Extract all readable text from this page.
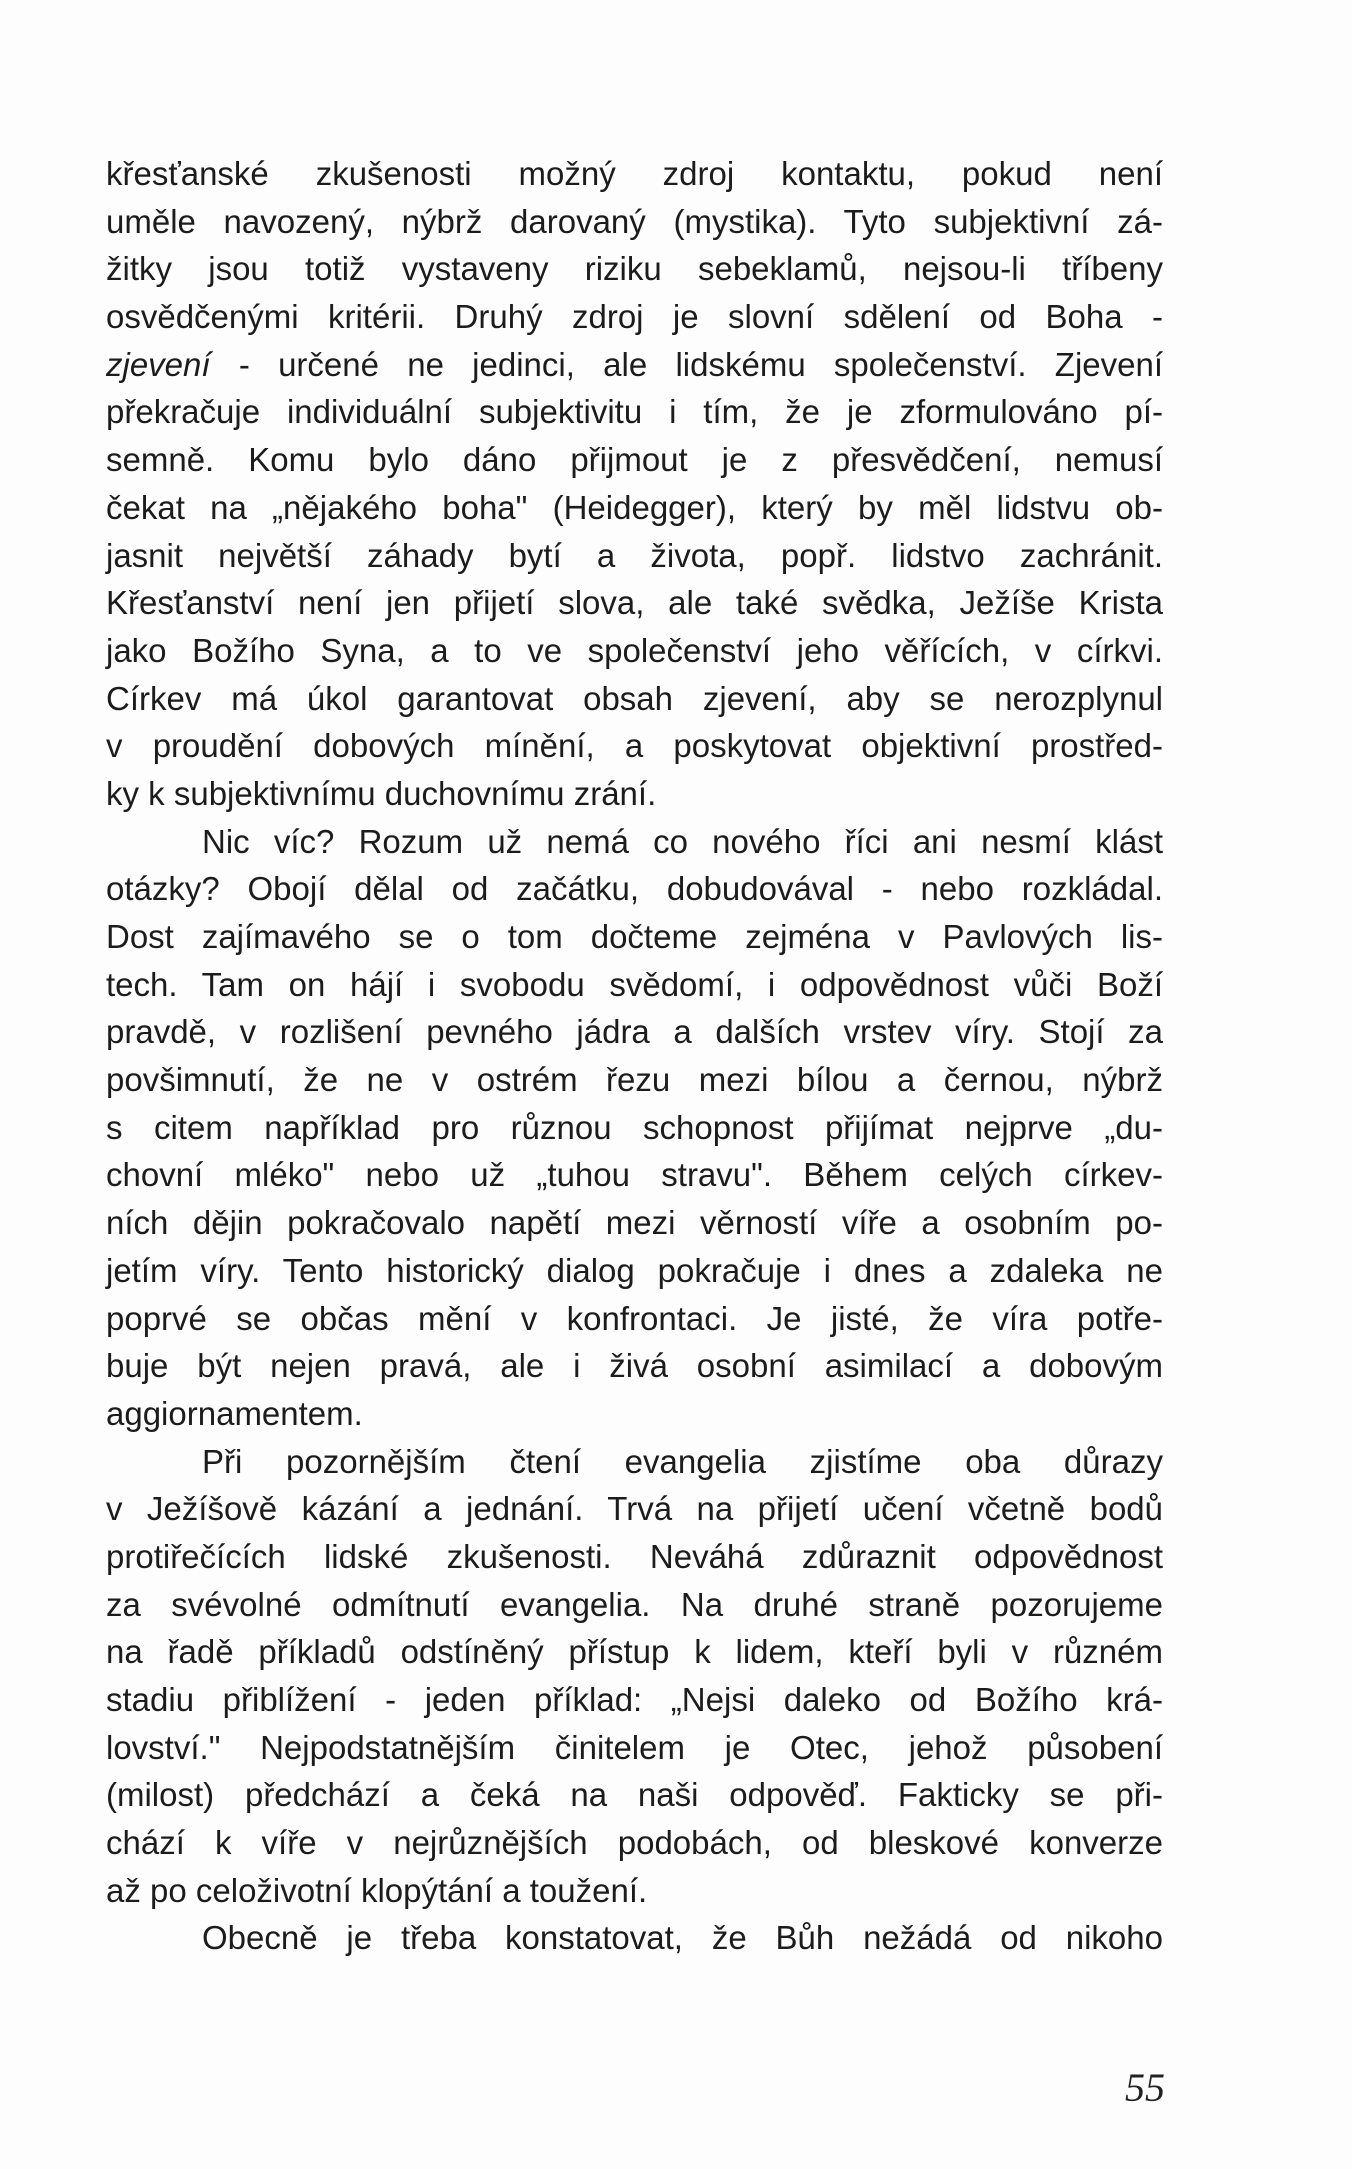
křesťanské zkušenosti možný zdroj kontaktu, pokud není
uměle navozený, nýbrž darovaný (mystika). Tyto subjektivní zá-
žitky jsou totiž vystaveny riziku sebeklamů, nejsou-li tříbeny
osvědčenými kritérii. Druhý zdroj je slovní sdělení od Boha -
zjevení - určené ne jedinci, ale lidskému společenství. Zjevení
překračuje individuální subjektivitu i tím, že je zformulováno pí-
semně. Komu bylo dáno přijmout je z přesvědčení, nemusí
čekat na „nějakého boha" (Heidegger), který by měl lidstvu ob-
jasnit největší záhady bytí a života, popř. lidstvo zachránit.
Křesťanství není jen přijetí slova, ale také svědka, Ježíše Krista
jako Božího Syna, a to ve společenství jeho věřících, v církvi.
Církev má úkol garantovat obsah zjevení, aby se nerozplynul
v proudění dobových mínění, a poskytovat objektivní prostřed-
ky k subjektivnímu duchovnímu zrání.
Nic víc? Rozum už nemá co nového říci ani nesmí klást
otázky? Obojí dělal od začátku, dobudovával - nebo rozkládal.
Dost zajímavého se o tom dočteme zejména v Pavlových lis-
tech. Tam on hájí i svobodu svědomí, i odpovědnost vůči Boží
pravdě, v rozlišení pevného jádra a dalších vrstev víry. Stojí za
povšimnutí, že ne v ostrém řezu mezi bílou a černou, nýbrž
s citem například pro různou schopnost přijímat nejprve „du-
chovní mléko" nebo už „tuhou stravu". Během celých církev-
ních dějin pokračovalo napětí mezi věrností víře a osobním po-
jetím víry. Tento historický dialog pokračuje i dnes a zdaleka ne
poprvé se občas mění v konfrontaci. Je jisté, že víra potře-
buje být nejen pravá, ale i živá osobní asimilací a dobovým
aggiornamentem.
Při pozornějším čtení evangelia zjistíme oba důrazy
v Ježíšově kázání a jednání. Trvá na přijetí učení včetně bodů
protiřečících lidské zkušenosti. Neváhá zdůraznit odpovědnost
za svévolné odmítnutí evangelia. Na druhé straně pozorujeme
na řadě příkladů odstíněný přístup k lidem, kteří byli v různém
stadiu přiblížení - jeden příklad: „Nejsi daleko od Božího krá-
lovství." Nejpodstatnějším činitelem je Otec, jehož působení
(milost) předchází a čeká na naši odpověď. Fakticky se při-
chází k víře v nejrůznějších podobách, od bleskové konverze
až po celoživotní klopýtání a toužení.
Obecně je třeba konstatovat, že Bůh nežádá od nikoho
55
